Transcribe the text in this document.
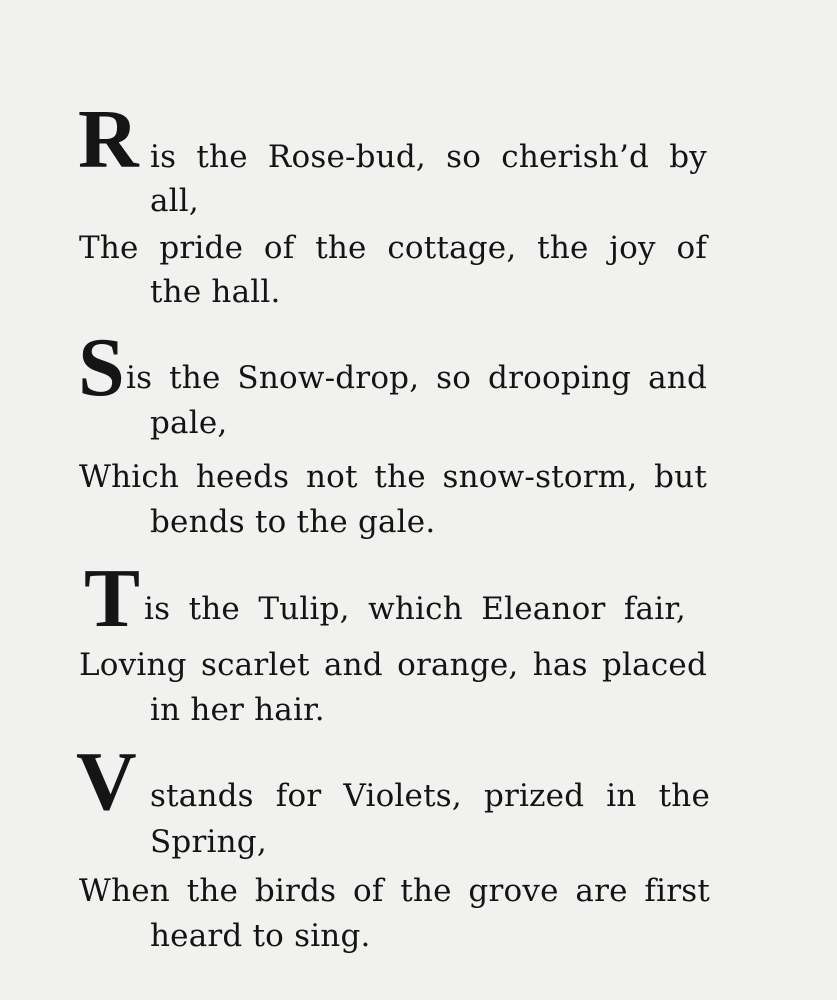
R is the Rose-bud, so cherish’d by
all,
The pride of the cottage, the joy of
the hall.
S is the Snow-drop, so drooping and
pale,
Which heeds not the snow-storm, but
bends to the gale.
T is the Tulip, which Eleanor fair,
Loving scarlet and orange, has placed
in her hair.
V stands for Violets, prized in the
Spring,
When the birds of the grove are first
heard to sing.
